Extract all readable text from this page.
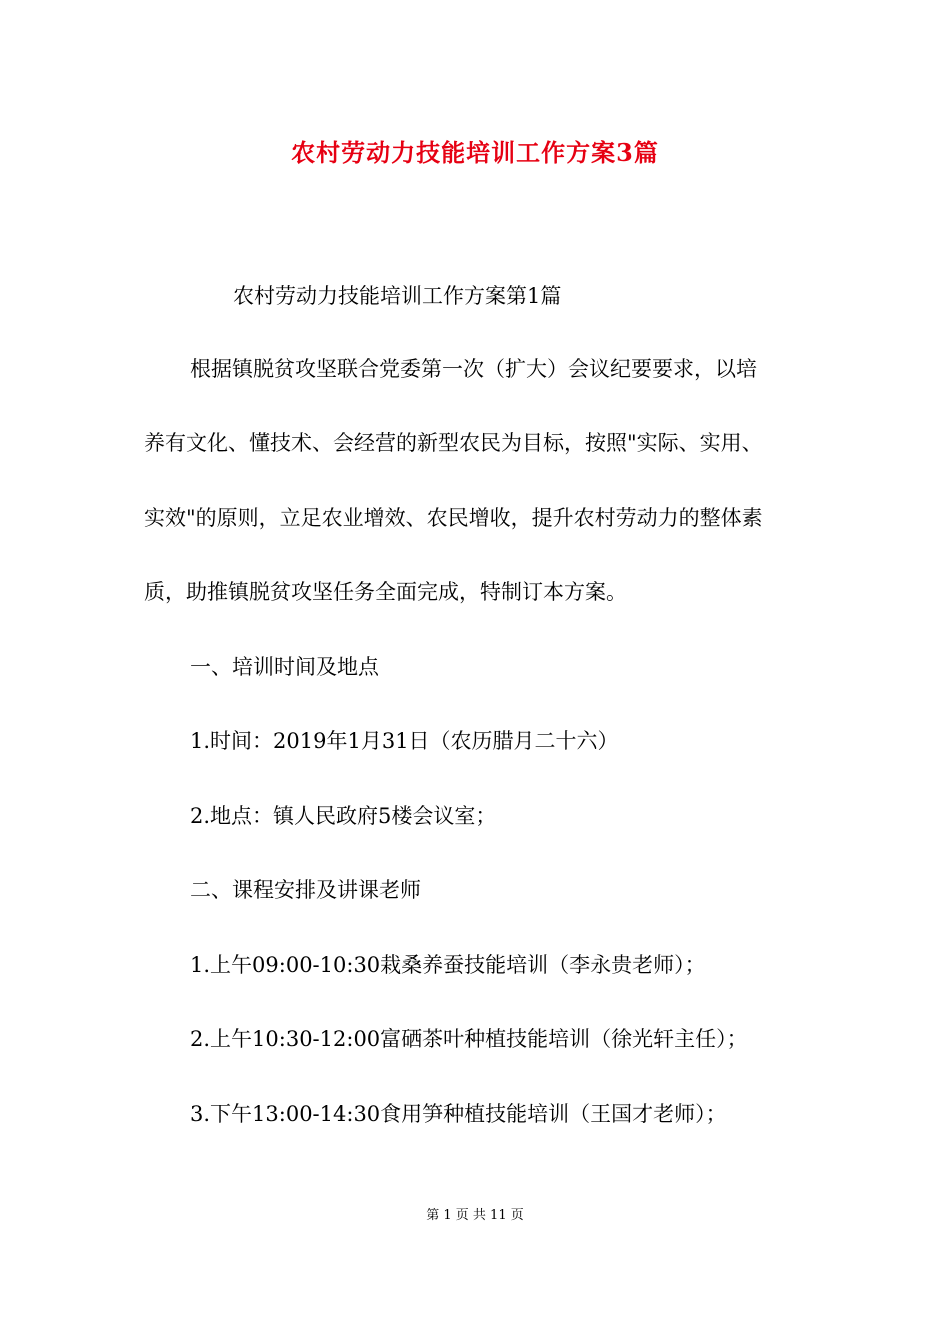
农村劳动力技能培训工作方案3篇
农村劳动力技能培训工作方案第1篇
根据镇脱贫攻坚联合党委第一次（扩大）会议纪要要求，以培
养有文化、懂技术、会经营的新型农民为目标，按照"实际、实用、
实效"的原则，立足农业增效、农民增收，提升农村劳动力的整体素
质，助推镇脱贫攻坚任务全面完成，特制订本方案。
一、培训时间及地点
1.时间：2019年1月31日（农历腊月二十六）
2.地点：镇人民政府5楼会议室；
二、课程安排及讲课老师
1.上午09:00-10:30栽桑养蚕技能培训（李永贵老师）；
2.上午10:30-12:00富硒茶叶种植技能培训（徐光轩主任）；
3.下午13:00-14:30食用笋种植技能培训（王国才老师）；
第 1 页 共 11 页
